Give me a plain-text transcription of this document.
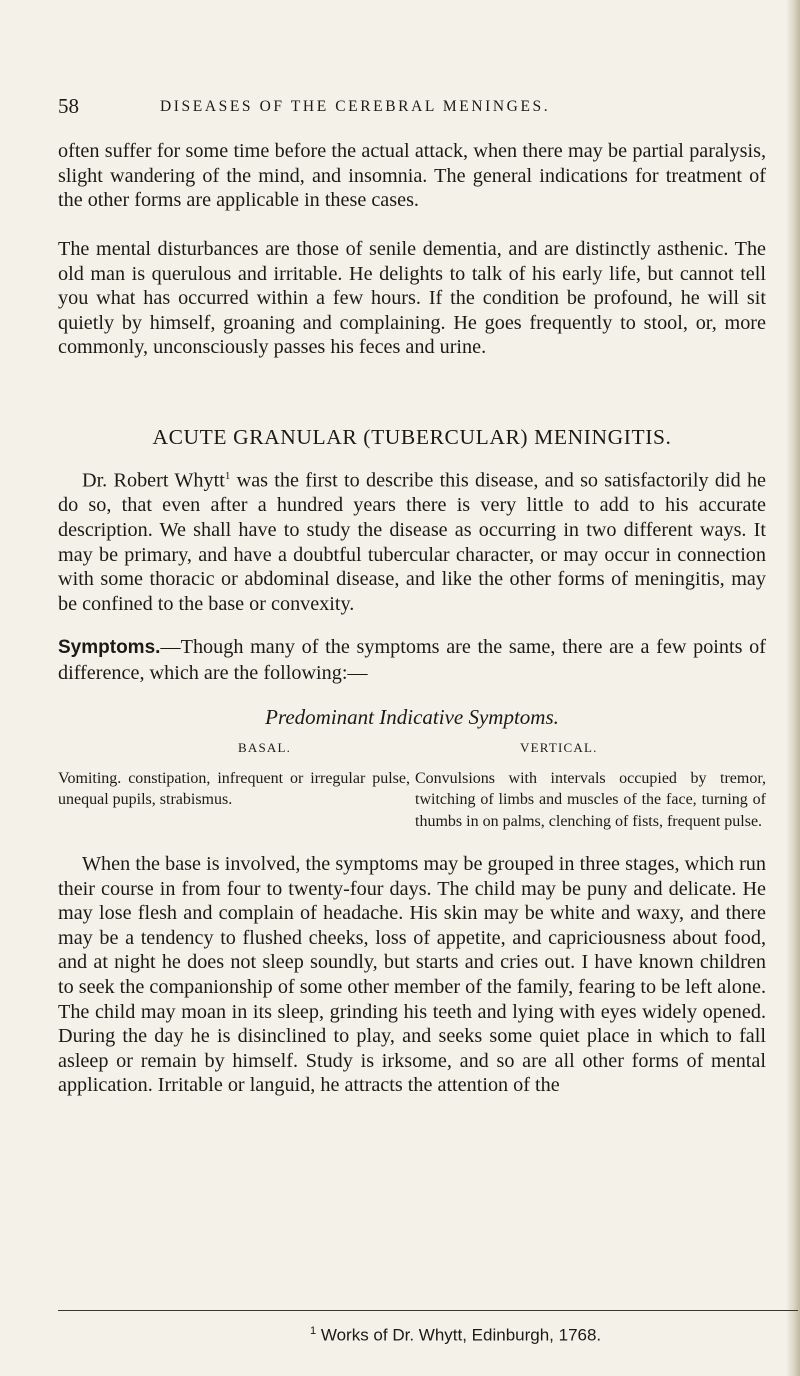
58	DISEASES OF THE CEREBRAL MENINGES.
often suffer for some time before the actual attack, when there may be partial paralysis, slight wandering of the mind, and insomnia. The general indications for treatment of the other forms are applicable in these cases.
The mental disturbances are those of senile dementia, and are distinctly asthenic. The old man is querulous and irritable. He delights to talk of his early life, but cannot tell you what has occurred within a few hours. If the condition be profound, he will sit quietly by himself, groaning and complaining. He goes frequently to stool, or, more commonly, unconsciously passes his feces and urine.
ACUTE GRANULAR (TUBERCULAR) MENINGITIS.
Dr. Robert Whytt$^1$ was the first to describe this disease, and so satisfactorily did he do so, that even after a hundred years there is very little to add to his accurate description. We shall have to study the disease as occurring in two different ways. It may be primary, and have a doubtful tubercular character, or may occur in connection with some thoracic or abdominal disease, and like the other forms of meningitis, may be confined to the base or convexity.
Symptoms.—Though many of the symptoms are the same, there are a few points of difference, which are the following:—
Predominant Indicative Symptoms.
BASAL.	VERTICAL.
Vomiting. constipation, infrequent or irregular pulse, unequal pupils, strabismus.
Convulsions with intervals occupied by tremor, twitching of limbs and muscles of the face, turning of thumbs in on palms, clenching of fists, frequent pulse.
When the base is involved, the symptoms may be grouped in three stages, which run their course in from four to twenty-four days. The child may be puny and delicate. He may lose flesh and complain of headache. His skin may be white and waxy, and there may be a tendency to flushed cheeks, loss of appetite, and capriciousness about food, and at night he does not sleep soundly, but starts and cries out. I have known children to seek the companionship of some other member of the family, fearing to be left alone. The child may moan in its sleep, grinding his teeth and lying with eyes widely opened. During the day he is disinclined to play, and seeks some quiet place in which to fall asleep or remain by himself. Study is irksome, and so are all other forms of mental application. Irritable or languid, he attracts the attention of the
$^1$ Works of Dr. Whytt, Edinburgh, 1768.
